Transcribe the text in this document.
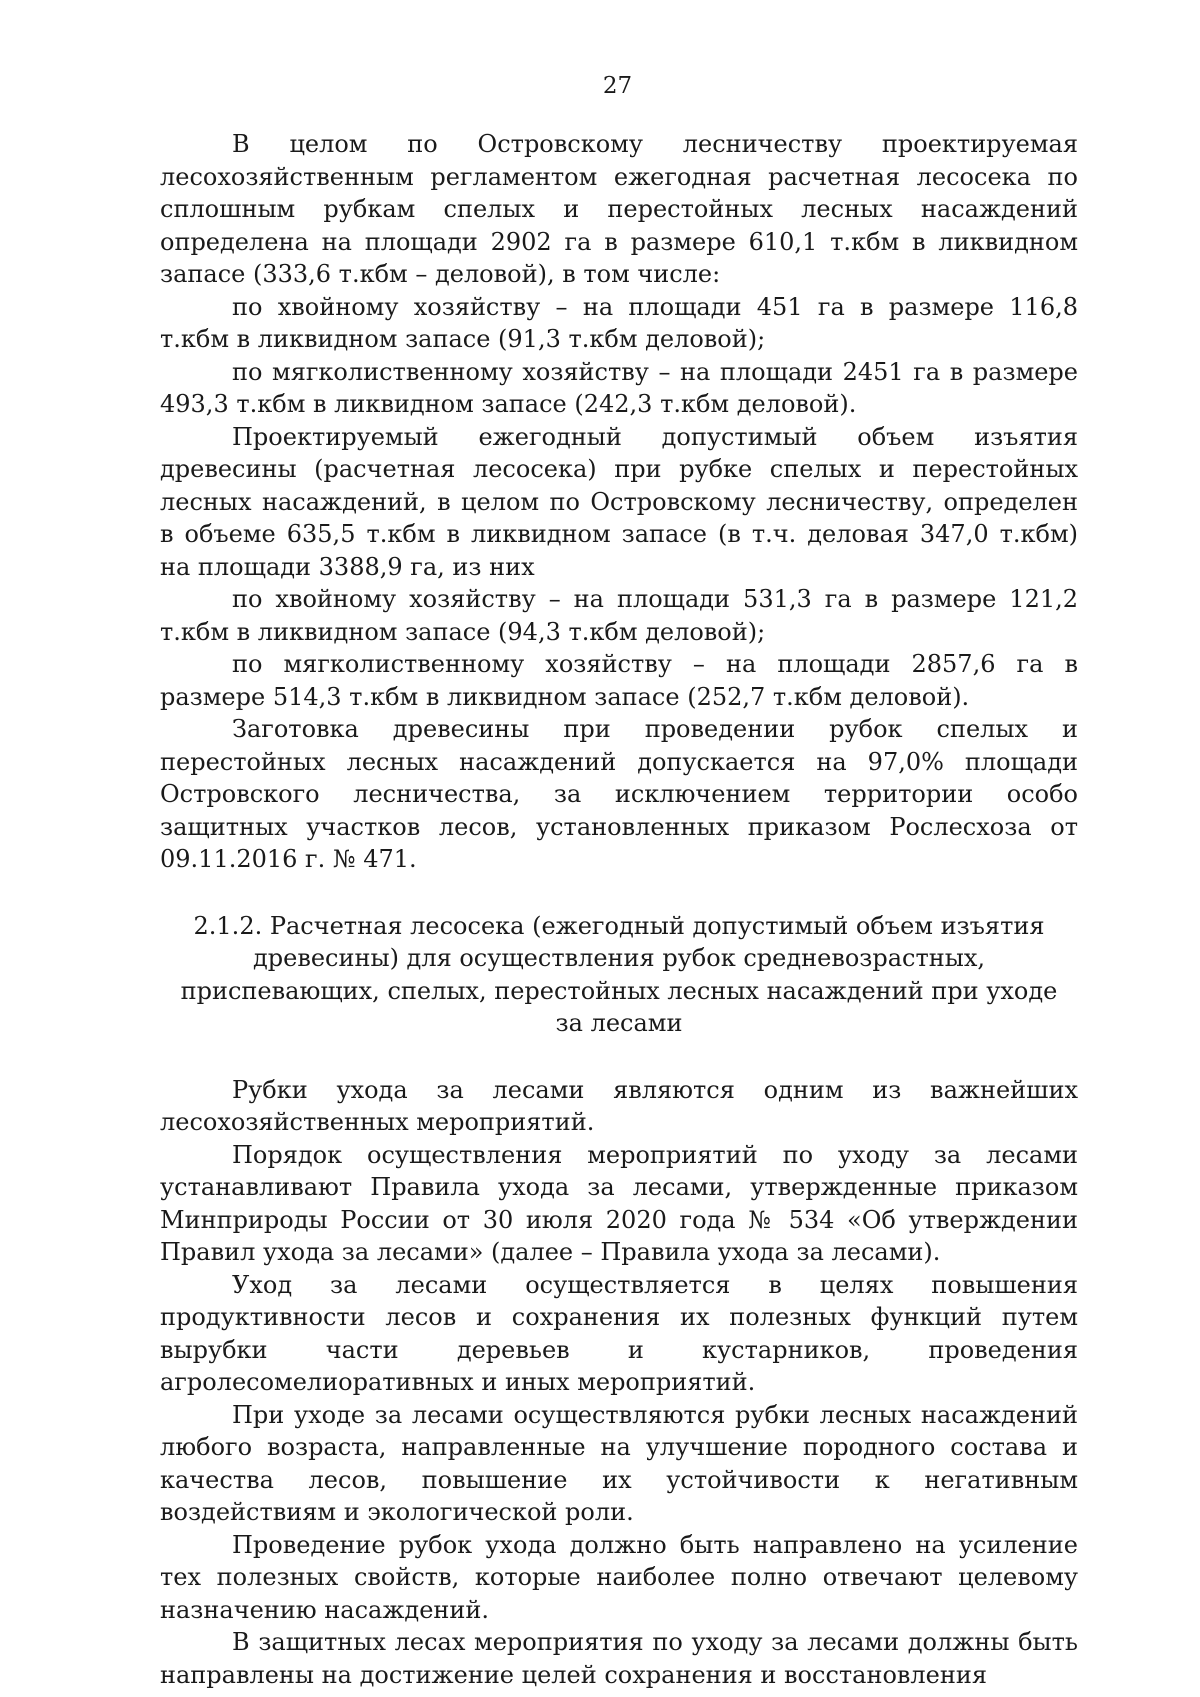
27

В целом по Островскому лесничеству проектируемая лесохозяйственным регламентом ежегодная расчетная лесосека по сплошным рубкам спелых и перестойных лесных насаждений определена на площади 2902 га в размере 610,1 т.кбм в ликвидном запасе (333,6 т.кбм – деловой), в том числе:

по хвойному хозяйству – на площади 451 га в размере 116,8 т.кбм в ликвидном запасе (91,3 т.кбм деловой);

по мягколиственному хозяйству – на площади 2451 га в размере 493,3 т.кбм в ликвидном запасе (242,3 т.кбм деловой).

Проектируемый ежегодный допустимый объем изъятия древесины (расчетная лесосека) при рубке спелых и перестойных лесных насаждений, в целом по Островскому лесничеству, определен в объеме 635,5 т.кбм в ликвидном запасе (в т.ч. деловая 347,0 т.кбм) на площади 3388,9 га, из них

по хвойному хозяйству – на площади 531,3 га в размере 121,2 т.кбм в ликвидном запасе (94,3 т.кбм деловой);

по мягколиственному хозяйству – на площади 2857,6 га в размере 514,3 т.кбм в ликвидном запасе (252,7 т.кбм деловой).

Заготовка древесины при проведении рубок спелых и перестойных лесных насаждений допускается на 97,0% площади Островского лесничества, за исключением территории особо защитных участков лесов, установленных приказом Рослесхоза от 09.11.2016 г. № 471.

2.1.2. Расчетная лесосека (ежегодный допустимый объем изъятия древесины) для осуществления рубок средневозрастных, приспевающих, спелых, перестойных лесных насаждений при уходе за лесами

Рубки ухода за лесами являются одним из важнейших лесохозяйственных мероприятий.

Порядок осуществления мероприятий по уходу за лесами устанавливают Правила ухода за лесами, утвержденные приказом Минприроды России от 30 июля 2020 года № 534 «Об утверждении Правил ухода за лесами» (далее – Правила ухода за лесами).

Уход за лесами осуществляется в целях повышения продуктивности лесов и сохранения их полезных функций путем вырубки части деревьев и кустарников, проведения агролесомелиоративных и иных мероприятий.

При уходе за лесами осуществляются рубки лесных насаждений любого возраста, направленные на улучшение породного состава и качества лесов, повышение их устойчивости к негативным воздействиям и экологической роли.

Проведение рубок ухода должно быть направлено на усиление тех полезных свойств, которые наиболее полно отвечают целевому назначению насаждений.

В защитных лесах мероприятия по уходу за лесами должны быть направлены на достижение целей сохранения и восстановления
